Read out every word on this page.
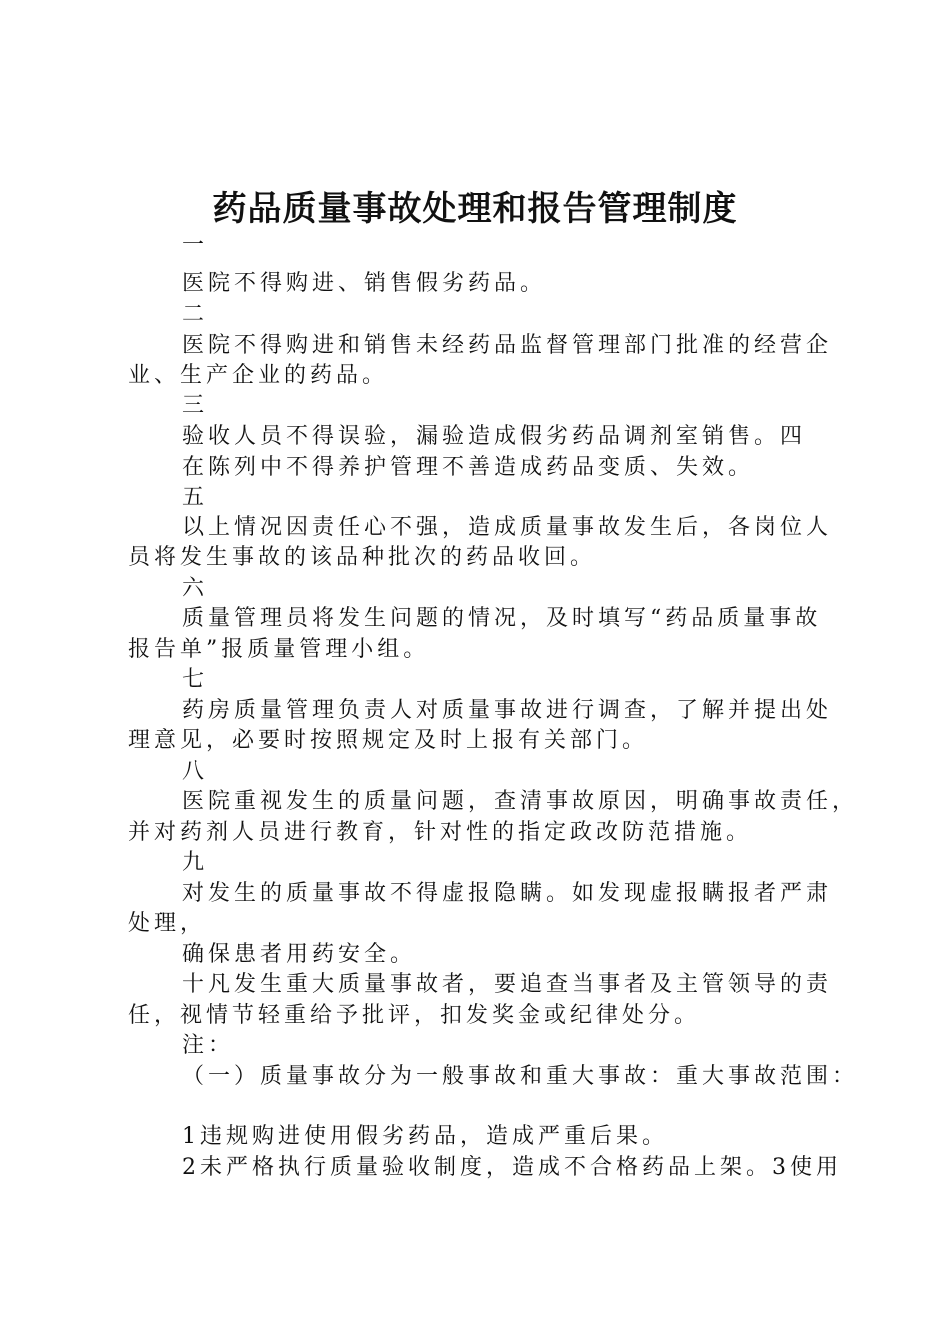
药品质量事故处理和报告管理制度
一
医院不得购进、销售假劣药品。
二
医院不得购进和销售未经药品监督管理部门批准的经营企
业、生产企业的药品。
三
验收人员不得误验，漏验造成假劣药品调剂室销售。四
在陈列中不得养护管理不善造成药品变质、失效。
五
以上情况因责任心不强，造成质量事故发生后，各岗位人
员将发生事故的该品种批次的药品收回。
六
质量管理员将发生问题的情况，及时填写“药品质量事故
报告单”报质量管理小组。
七
药房质量管理负责人对质量事故进行调查，了解并提出处
理意见，必要时按照规定及时上报有关部门。
八
医院重视发生的质量问题，查清事故原因，明确事故责任，
并对药剂人员进行教育，针对性的指定政改防范措施。
九
对发生的质量事故不得虚报隐瞒。如发现虚报瞒报者严肃
处理，
确保患者用药安全。
十凡发生重大质量事故者，要追查当事者及主管领导的责
任，视情节轻重给予批评，扣发奖金或纪律处分。
注：
（一）质量事故分为一般事故和重大事故：重大事故范围：
1违规购进使用假劣药品，造成严重后果。
2未严格执行质量验收制度，造成不合格药品上架。3使用
